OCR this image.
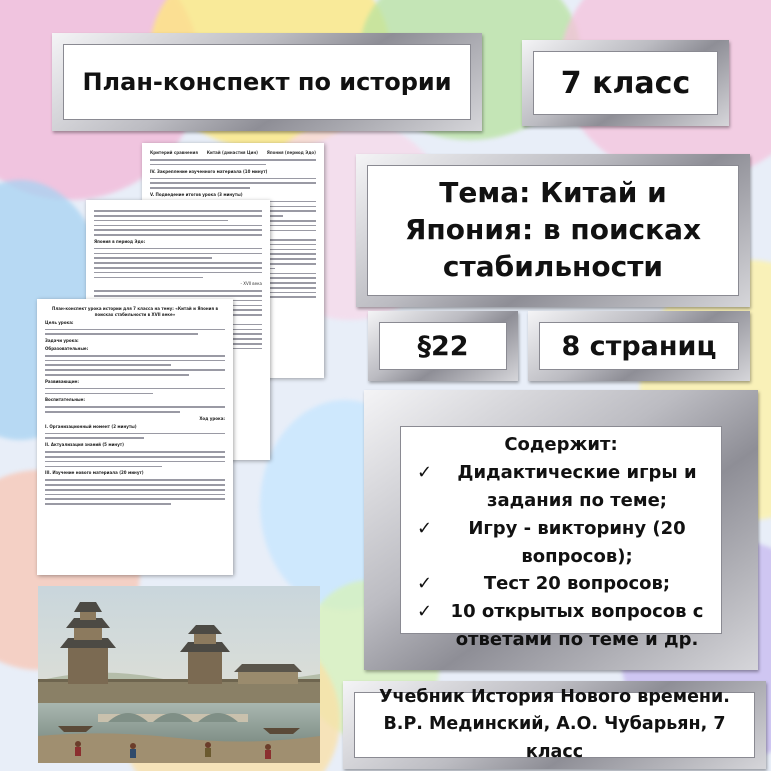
План-конспект по истории	7 класс
Критерий сравнения Китай (династия Цин) Япония (период Эдо)
IV. Закрепление изученного материала (10 минут)
V. Подведение итогов урока (3 минуты)
Япония в период Эдо:
- XVII века
План-конспект урока истории для 7 класса на тему: «Китай и Япония в поисках стабильности в XVII веке»
Цель урока:
Задачи урока:
Образовательные:
Развивающие:
Воспитательные:
Ход урока:
I. Организационный момент (2 минуты)
II. Актуализация знаний (5 минут)
III. Изучение нового материала (20 минут)
Тема: Китай и Япония: в поисках стабильности
§22	8 страниц
Содержит:
✓ Дидактические игры и задания по теме;
✓ Игру - викторину (20 вопросов);
✓	Тест 20 вопросов;
✓ 10 открытых вопросов с ответами по теме и др.
Учебник История Нового времени. В.Р. Мединский, А.О. Чубарьян, 7 класс
